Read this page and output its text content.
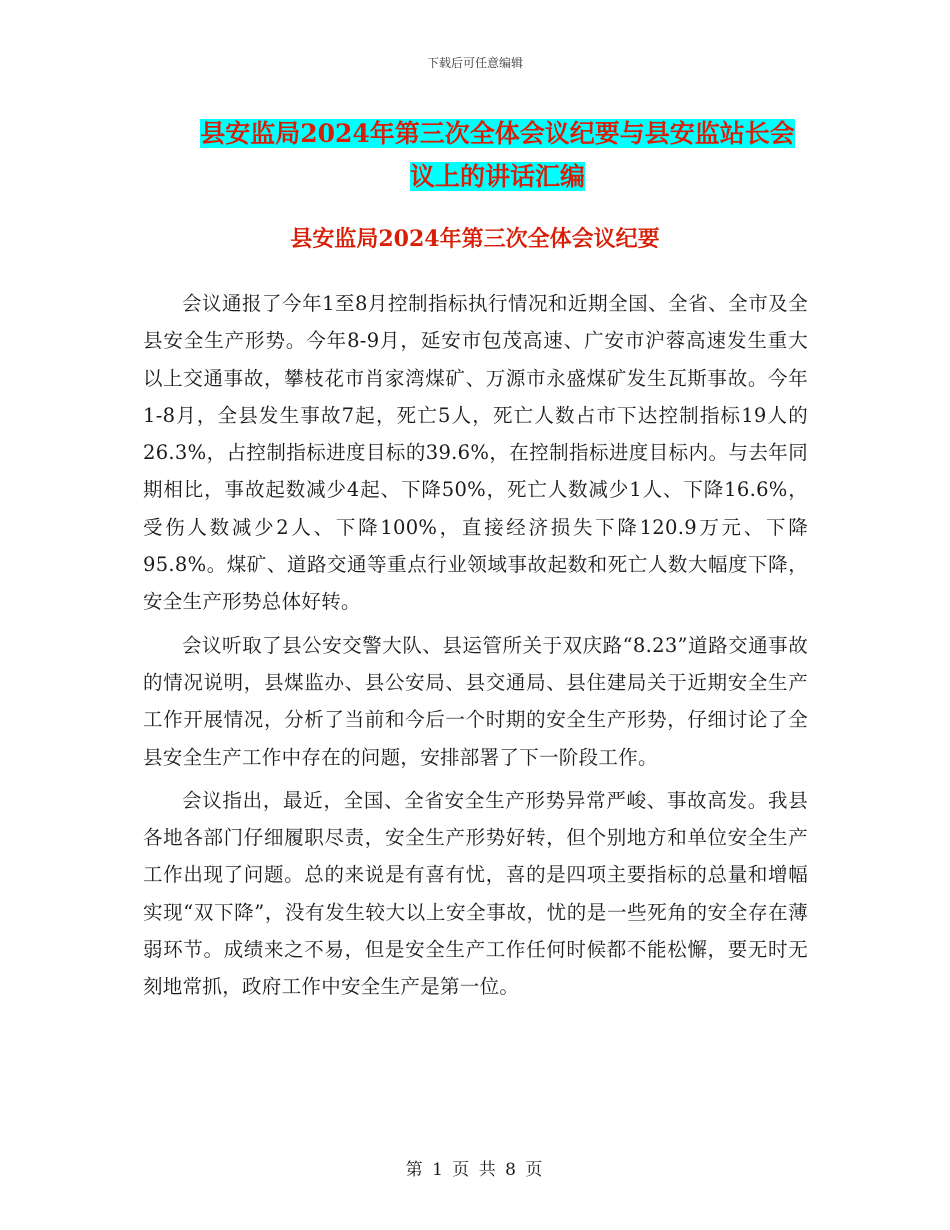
下载后可任意编辑
县安监局2024年第三次全体会议纪要与县安监站长会
议上的讲话汇编
县安监局2024年第三次全体会议纪要

会议通报了今年1至8月控制指标执行情况和近期全国、全省、全市及全县安全生产形势。今年8-9月，延安市包茂高速、广安市沪蓉高速发生重大以上交通事故，攀枝花市肖家湾煤矿、万源市永盛煤矿发生瓦斯事故。今年1-8月，全县发生事故7起，死亡5人，死亡人数占市下达控制指标19人的26.3%，占控制指标进度目标的39.6%，在控制指标进度目标内。与去年同期相比，事故起数减少4起、下降50%，死亡人数减少1人、下降16.6%，受伤人数减少2人、下降100%，直接经济损失下降120.9万元、下降95.8%。煤矿、道路交通等重点行业领域事故起数和死亡人数大幅度下降，安全生产形势总体好转。

会议听取了县公安交警大队、县运管所关于双庆路“8.23”道路交通事故的情况说明，县煤监办、县公安局、县交通局、县住建局关于近期安全生产工作开展情况，分析了当前和今后一个时期的安全生产形势，仔细讨论了全县安全生产工作中存在的问题，安排部署了下一阶段工作。

会议指出，最近，全国、全省安全生产形势异常严峻、事故高发。我县各地各部门仔细履职尽责，安全生产形势好转，但个别地方和单位安全生产工作出现了问题。总的来说是有喜有忧，喜的是四项主要指标的总量和增幅实现“双下降”，没有发生较大以上安全事故，忧的是一些死角的安全存在薄弱环节。成绩来之不易，但是安全生产工作任何时候都不能松懈，要无时无刻地常抓，政府工作中安全生产是第一位。

第 1 页 共 8 页
